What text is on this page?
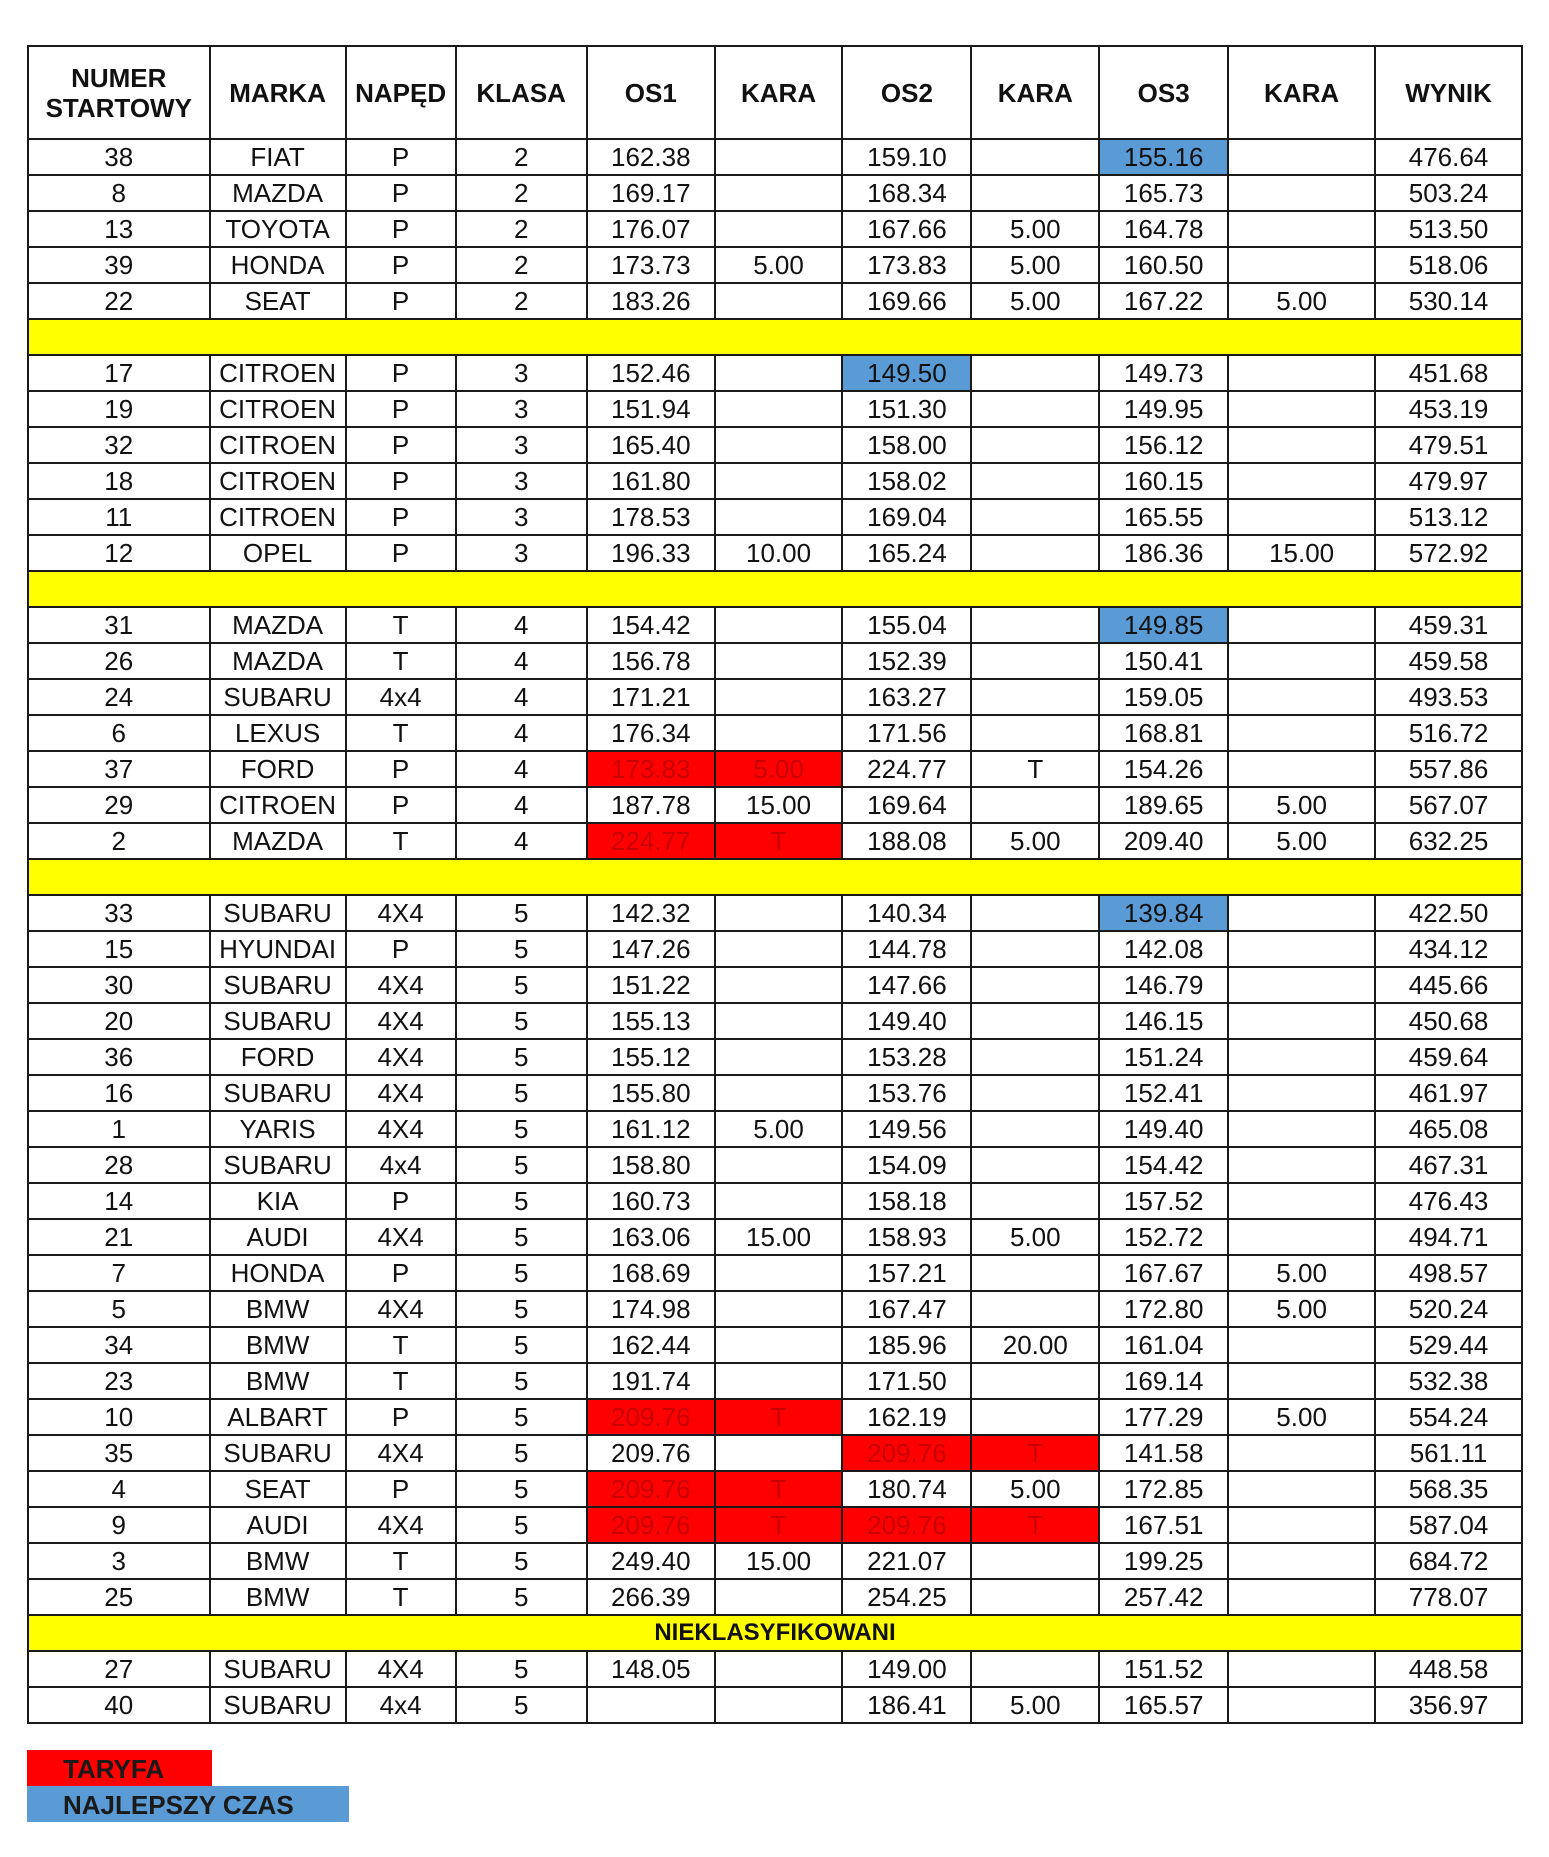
NUMER STARTOWY	MARKA	NAPĘD	KLASA	OS1	KARA	OS2	KARA	OS3	KARA	WYNIK
38	FIAT	P	2	162.38		159.10		155.16		476.64
8	MAZDA	P	2	169.17		168.34		165.73		503.24
13	TOYOTA	P	2	176.07		167.66	5.00	164.78		513.50
39	HONDA	P	2	173.73	5.00	173.83	5.00	160.50		518.06
22	SEAT	P	2	183.26		169.66	5.00	167.22	5.00	530.14

17	CITROEN	P	3	152.46		149.50		149.73		451.68
19	CITROEN	P	3	151.94		151.30		149.95		453.19
32	CITROEN	P	3	165.40		158.00		156.12		479.51
18	CITROEN	P	3	161.80		158.02		160.15		479.97
11	CITROEN	P	3	178.53		169.04		165.55		513.12
12	OPEL	P	3	196.33	10.00	165.24		186.36	15.00	572.92

31	MAZDA	T	4	154.42		155.04		149.85		459.31
26	MAZDA	T	4	156.78		152.39		150.41		459.58
24	SUBARU	4x4	4	171.21		163.27		159.05		493.53
6	LEXUS	T	4	176.34		171.56		168.81		516.72
37	FORD	P	4	173.83	5.00	224.77	T	154.26		557.86
29	CITROEN	P	4	187.78	15.00	169.64		189.65	5.00	567.07
2	MAZDA	T	4	224.77	T	188.08	5.00	209.40	5.00	632.25

33	SUBARU	4X4	5	142.32		140.34		139.84		422.50
15	HYUNDAI	P	5	147.26		144.78		142.08		434.12
30	SUBARU	4X4	5	151.22		147.66		146.79		445.66
20	SUBARU	4X4	5	155.13		149.40		146.15		450.68
36	FORD	4X4	5	155.12		153.28		151.24		459.64
16	SUBARU	4X4	5	155.80		153.76		152.41		461.97
1	YARIS	4X4	5	161.12	5.00	149.56		149.40		465.08
28	SUBARU	4x4	5	158.80		154.09		154.42		467.31
14	KIA	P	5	160.73		158.18		157.52		476.43
21	AUDI	4X4	5	163.06	15.00	158.93	5.00	152.72		494.71
7	HONDA	P	5	168.69		157.21		167.67	5.00	498.57
5	BMW	4X4	5	174.98		167.47		172.80	5.00	520.24
34	BMW	T	5	162.44		185.96	20.00	161.04		529.44
23	BMW	T	5	191.74		171.50		169.14		532.38
10	ALBART	P	5	209.76	T	162.19		177.29	5.00	554.24
35	SUBARU	4X4	5	209.76		209.76	T	141.58		561.11
4	SEAT	P	5	209.76	T	180.74	5.00	172.85		568.35
9	AUDI	4X4	5	209.76	T	209.76	T	167.51		587.04
3	BMW	T	5	249.40	15.00	221.07		199.25		684.72
25	BMW	T	5	266.39		254.25		257.42		778.07
NIEKLASYFIKOWANI										
27	SUBARU	4X4	5	148.05		149.00		151.52		448.58
40	SUBARU	4x4	5			186.41	5.00	165.57		356.97
TARYFA
NAJLEPSZY CZAS
